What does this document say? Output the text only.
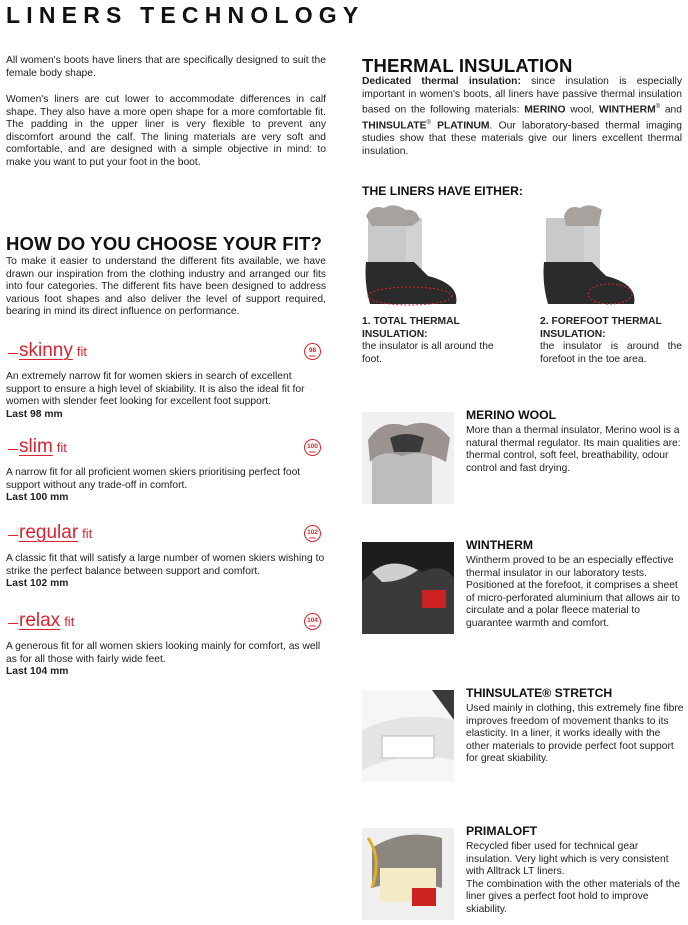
LINERS TECHNOLOGY
All women's boots have liners that are specifically designed to suit the female body shape.
Women's liners are cut lower to accommodate differences in calf shape. They also have a more open shape for a more comfortable fit. The padding in the upper liner is very flexible to prevent any discomfort around the calf. The lining materials are very soft and comfortable, and are designed with a simple objective in mind: to make you want to put your foot in the boot.
HOW DO YOU CHOOSE YOUR FIT?
To make it easier to understand the different fits available, we have drawn our inspiration from the clothing industry and arranged our fits into four categories. The different fits have been designed to address various foot shapes and also deliver the level of support required, bearing in mind its direct influence on performance.
skinny fit	98
mm
An extremely narrow fit for women skiers in search of excellent support to ensure a high level of skiability. It is also the ideal fit for women with slender feet looking for excellent foot support.
Last 98 mm
slim fit	100
mm
A narrow fit for all proficient women skiers prioritising perfect foot support without any trade-off in comfort.
Last 100 mm
regular fit	102
mm
A classic fit that will satisfy a large number of women skiers wishing to strike the perfect balance between support and comfort.
Last 102 mm
relax fit	104
mm
A generous fit for all women skiers looking mainly for comfort, as well as for all those with fairly wide feet.
Last 104 mm
THERMAL INSULATION
Dedicated thermal insulation: since insulation is especially important in women's boots, all liners have passive thermal insulation based on the following materials: MERINO wool, WINTHERM® and THINSULATE® PLATINUM. Our laboratory-based thermal imaging studies show that these materials give our liners excellent thermal insulation.
THE LINERS HAVE EITHER:
1. TOTAL THERMAL INSULATION:
the insulator is all around the foot.
2. FOREFOOT THERMAL INSULATION:
the insulator is around the forefoot in the toe area.
MERINO WOOL
More than a thermal insulator, Merino wool is a natural thermal regulator. Its main qualities are: thermal control, soft feel, breathability, odour control and fast drying.
WINTHERM
Wintherm proved to be an especially effective thermal insulator in our laboratory tests.
Positioned at the forefoot, it comprises a sheet of micro-perforated aluminium that allows air to circulate and a polar fleece material to guarantee warmth and comfort.
THINSULATE® STRETCH
Used mainly in clothing, this extremely fine fibre improves freedom of movement thanks to its elasticity. In a liner, it works ideally with the other materials to provide perfect foot support for great skiability.
PRIMALOFT
Recycled fiber used for technical gear insulation. Very light which is very consistent with Alltrack LT liners.
The combination with the other materials of the liner gives a perfect foot hold to improve skiability.
